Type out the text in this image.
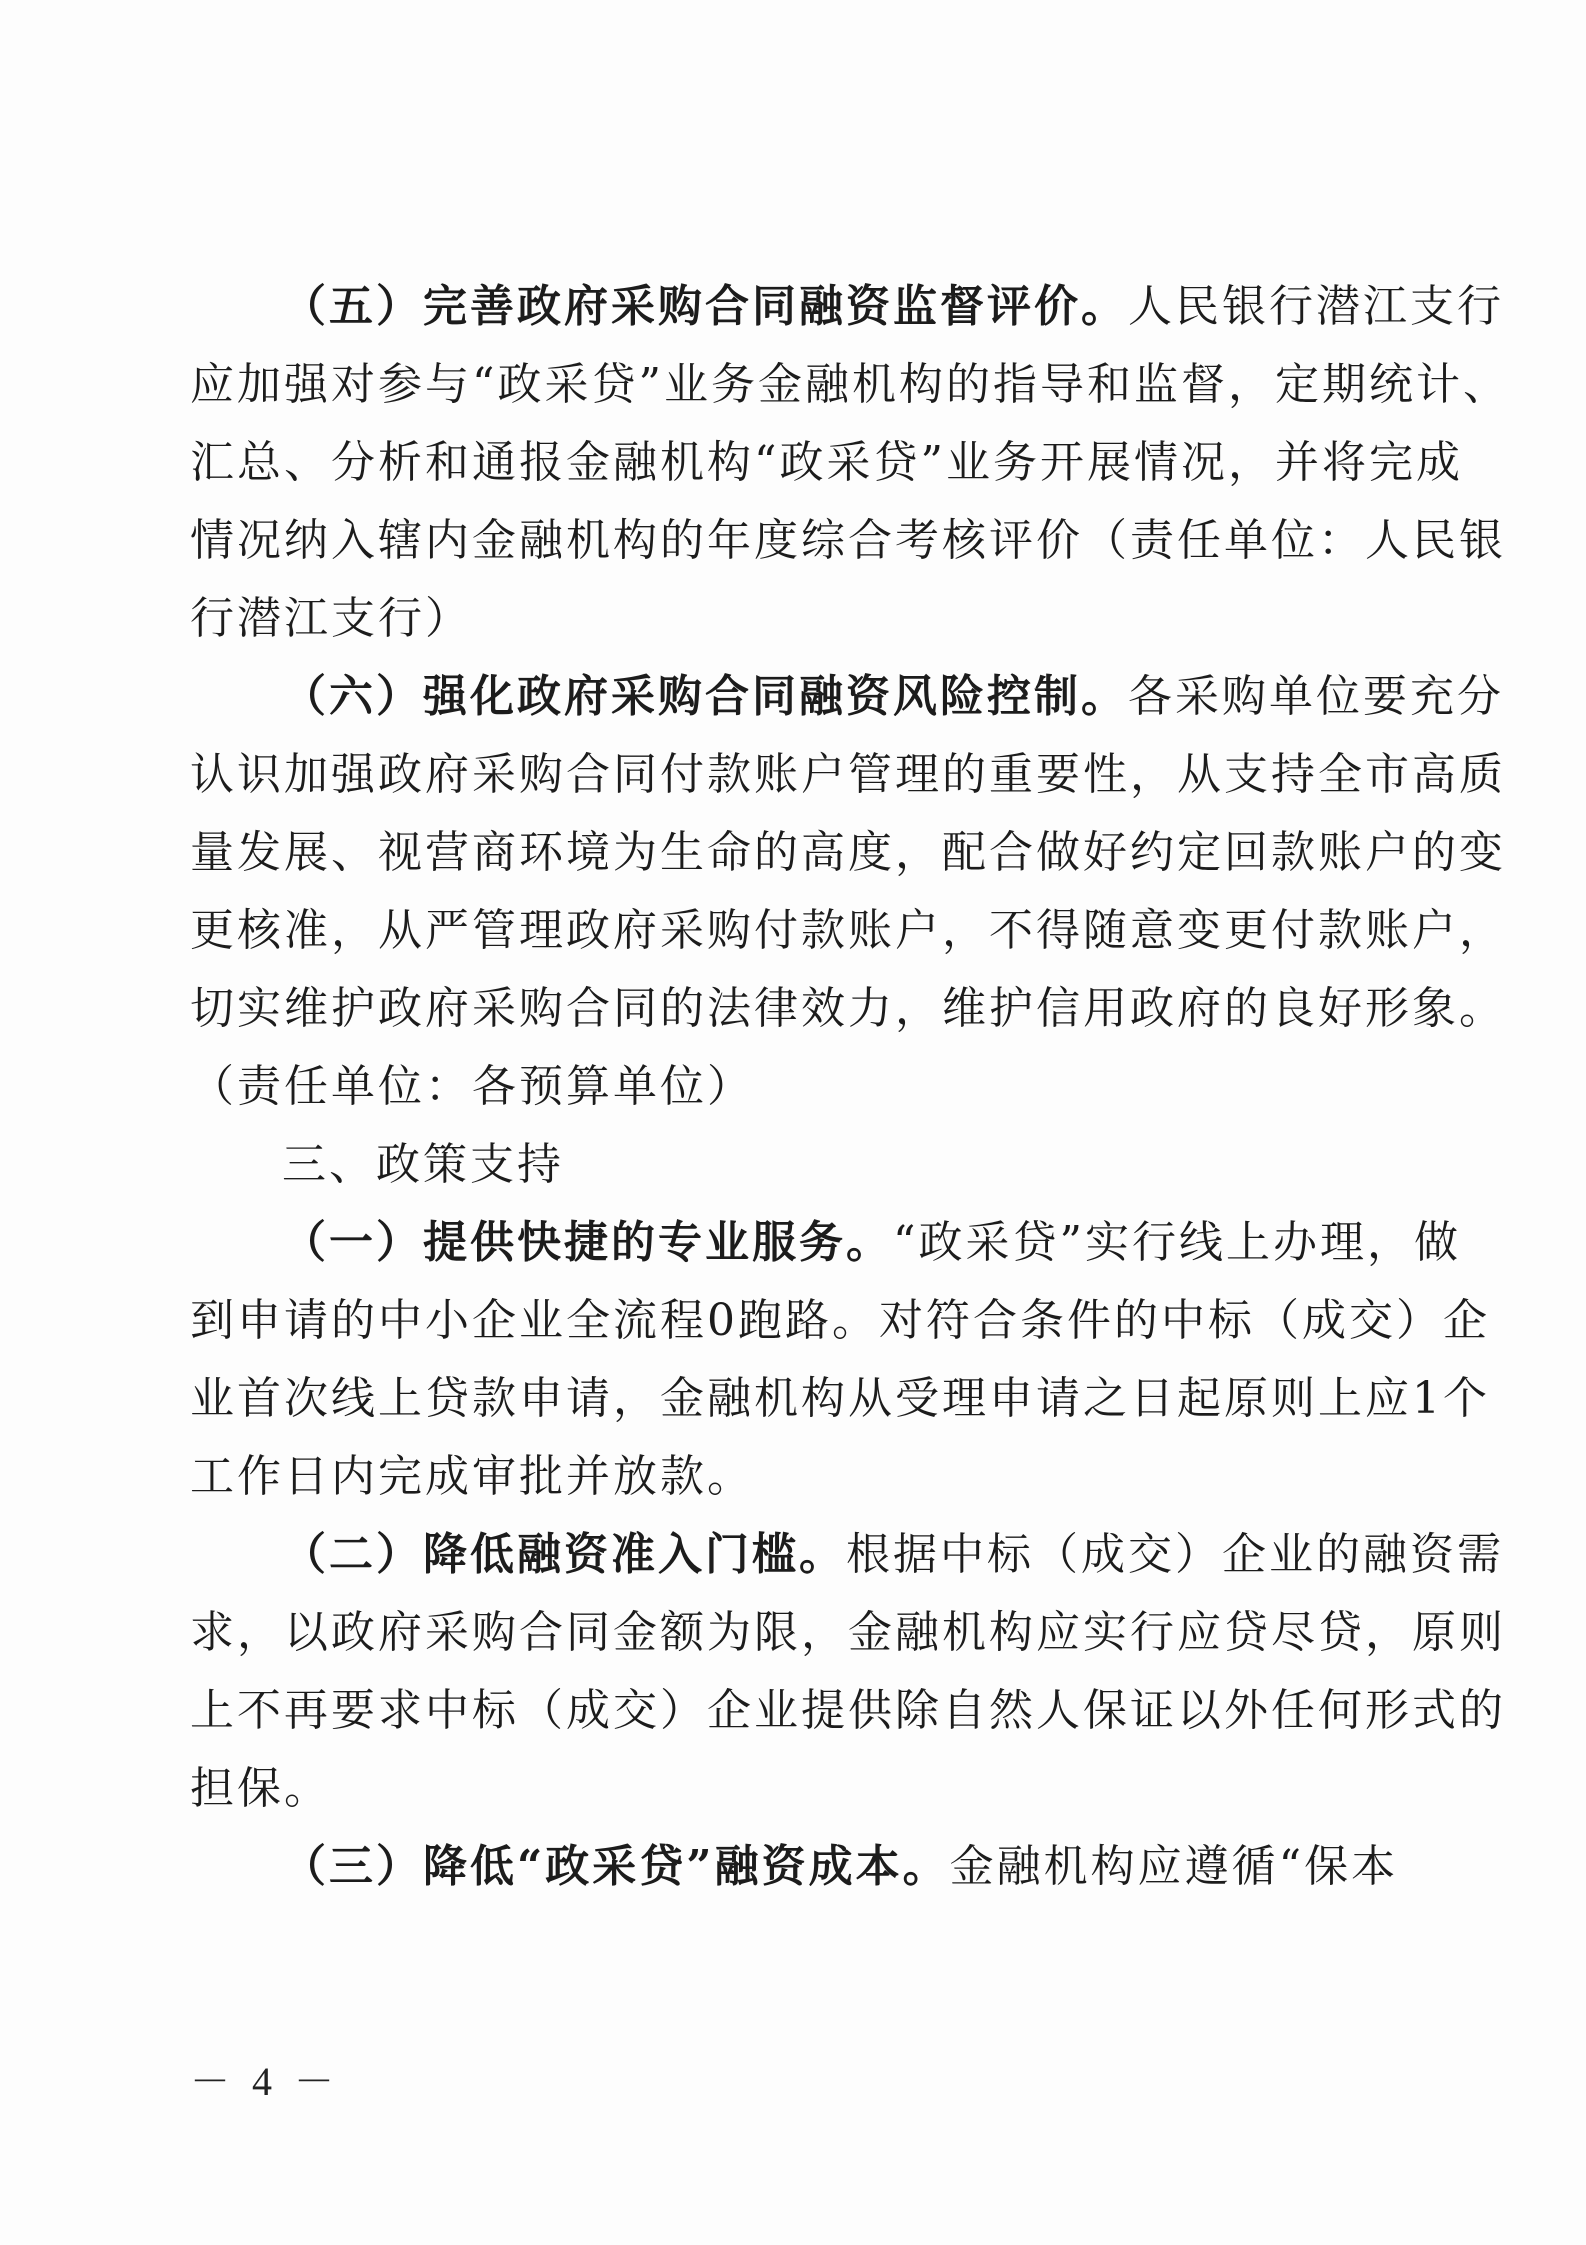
（五）完善政府采购合同融资监督评价。人民银行潜江支行
应加强对参与“政采贷”业务金融机构的指导和监督，定期统计、
汇总、分析和通报金融机构“政采贷”业务开展情况，并将完成
情况纳入辖内金融机构的年度综合考核评价（责任单位：人民银
行潜江支行）
（六）强化政府采购合同融资风险控制。各采购单位要充分
认识加强政府采购合同付款账户管理的重要性，从支持全市高质
量发展、视营商环境为生命的高度，配合做好约定回款账户的变
更核准，从严管理政府采购付款账户，不得随意变更付款账户，
切实维护政府采购合同的法律效力，维护信用政府的良好形象。
（责任单位：各预算单位）
三、政策支持
（一）提供快捷的专业服务。“政采贷”实行线上办理，做
到申请的中小企业全流程0跑路。对符合条件的中标（成交）企
业首次线上贷款申请，金融机构从受理申请之日起原则上应1个
工作日内完成审批并放款。
（二）降低融资准入门槛。根据中标（成交）企业的融资需
求，以政府采购合同金额为限，金融机构应实行应贷尽贷，原则
上不再要求中标（成交）企业提供除自然人保证以外任何形式的
担保。
（三）降低“政采贷”融资成本。金融机构应遵循“保本
－ 4 －
